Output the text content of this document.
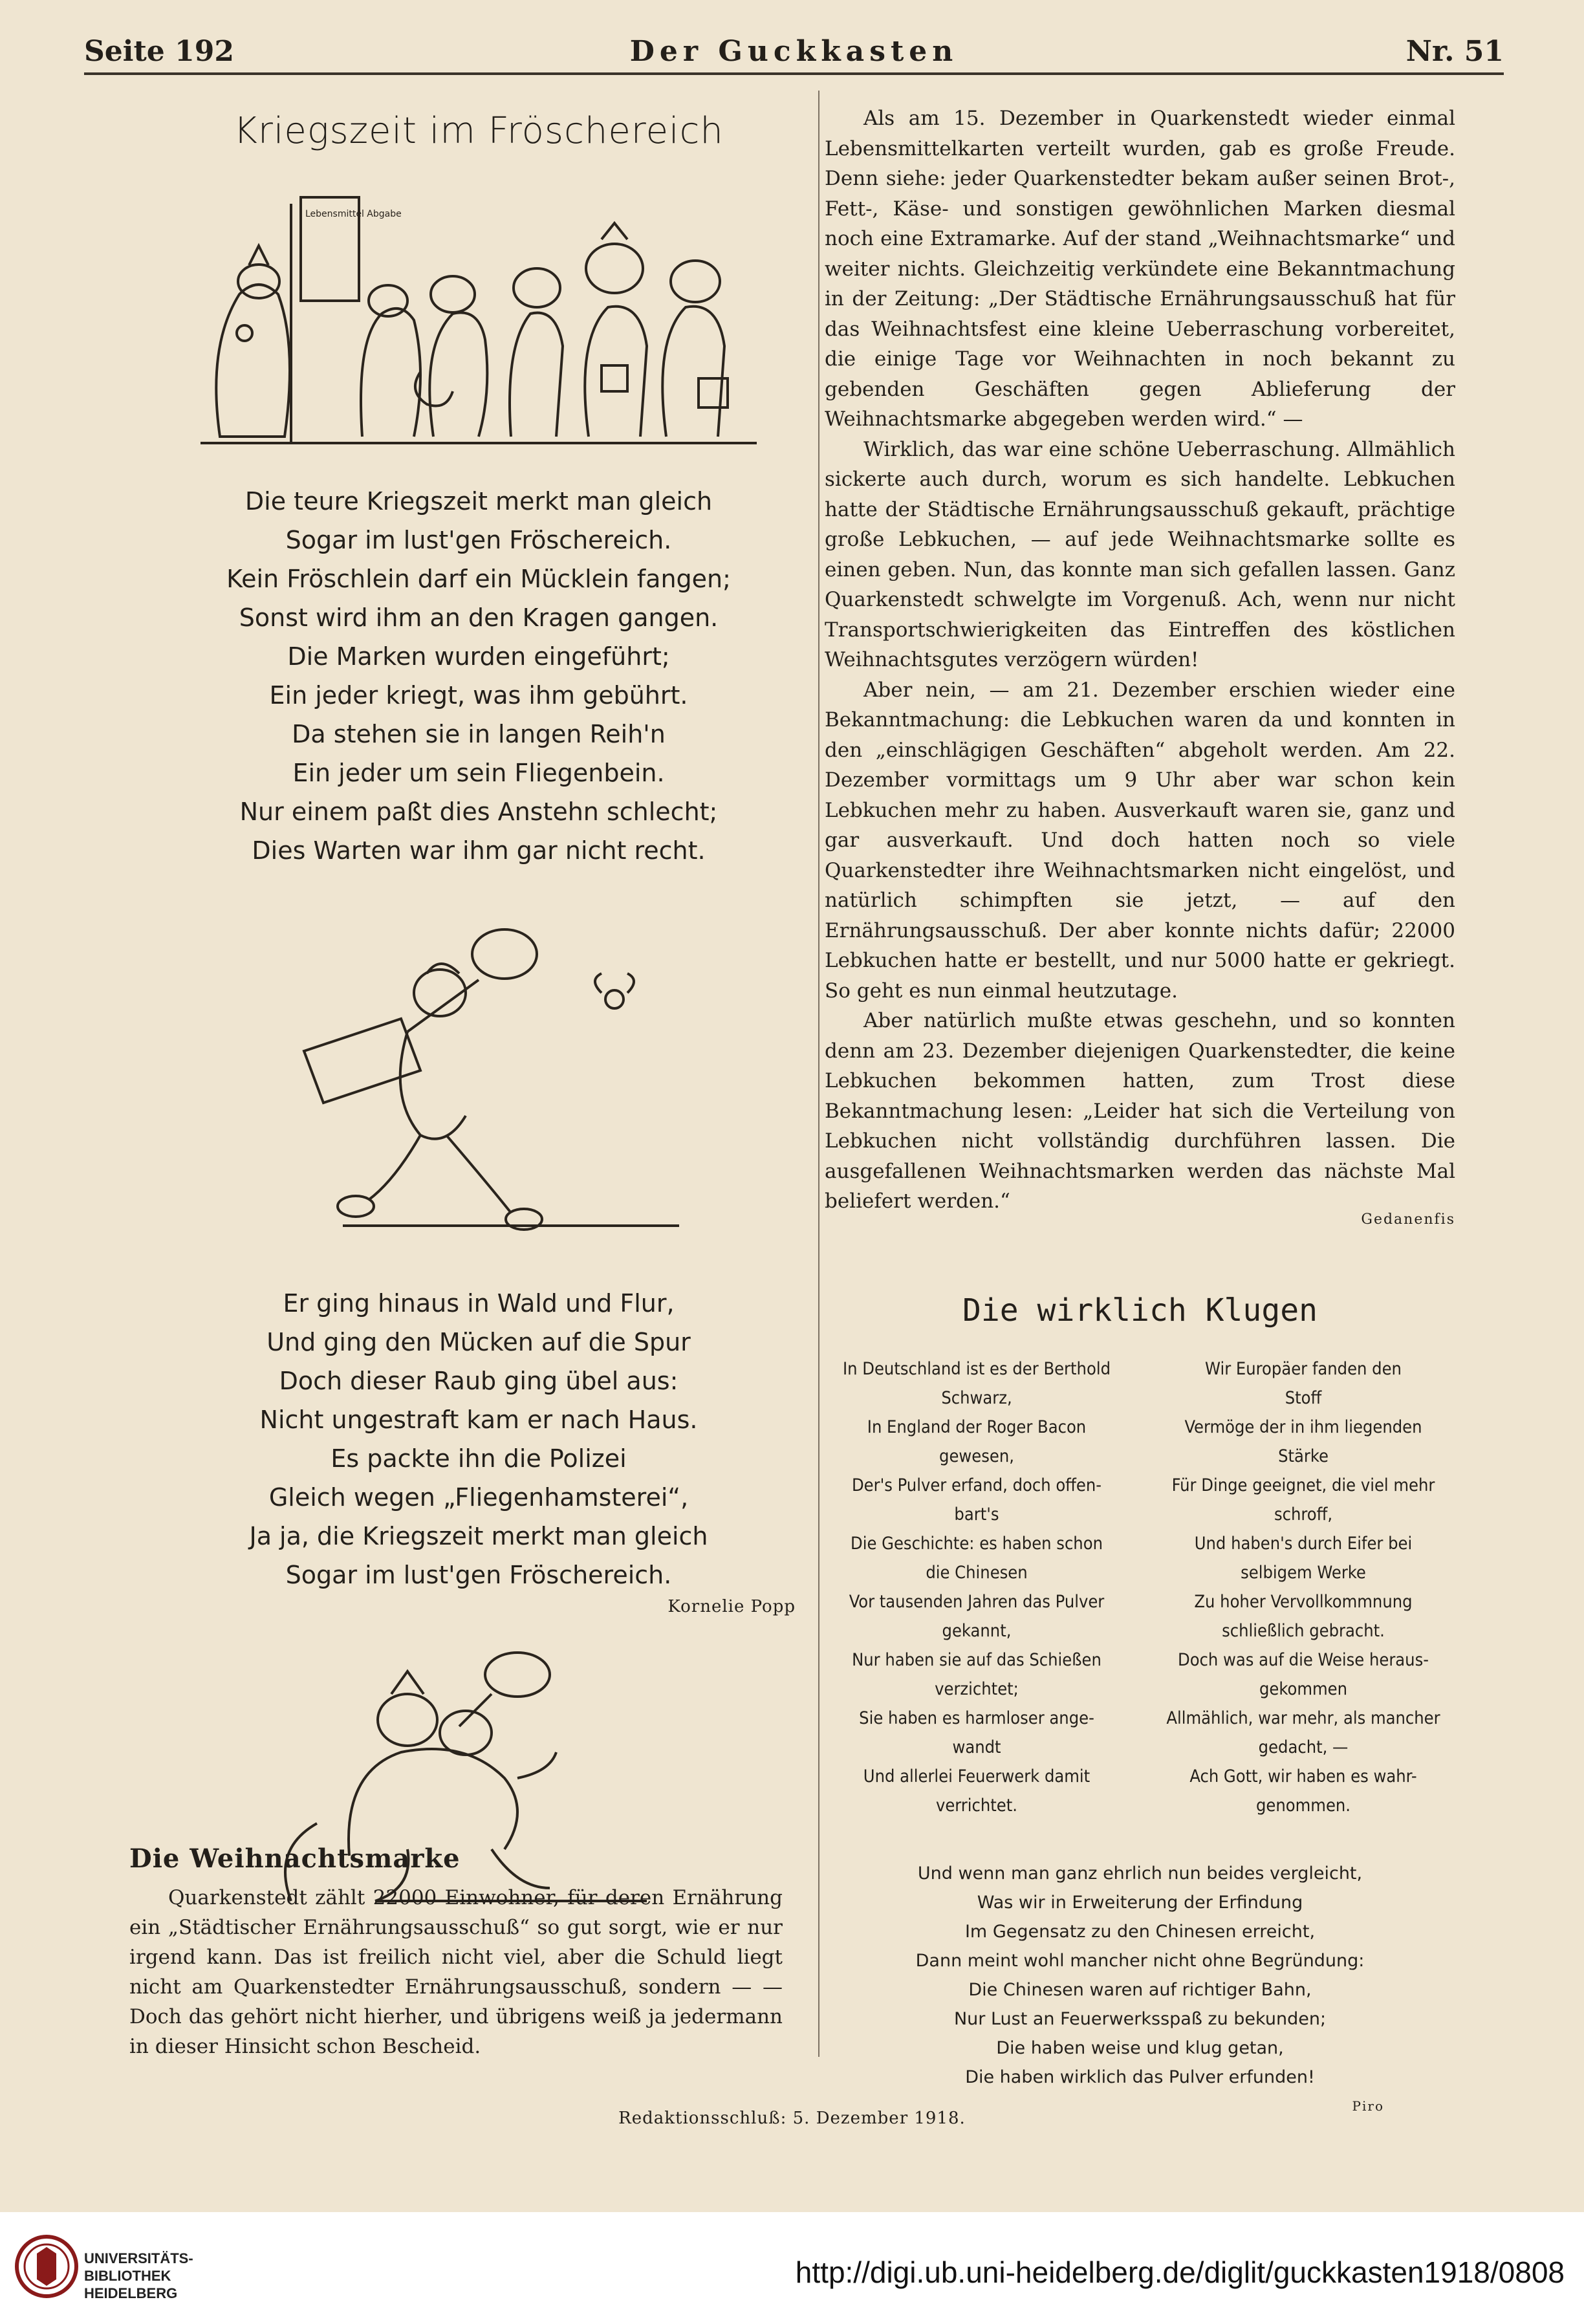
Seite 192	Der Guckkasten	Nr. 51
Kriegszeit im Fröschereich
Lebensmittel Abgabe
Die teure Kriegszeit merkt man gleich
Sogar im lust'gen Fröschereich.
Kein Fröschlein darf ein Mücklein fangen;
Sonst wird ihm an den Kragen gangen.
Die Marken wurden eingeführt;
Ein jeder kriegt, was ihm gebührt.
Da stehen sie in langen Reih'n
Ein jeder um sein Fliegenbein.
Nur einem paßt dies Anstehn schlecht;
Dies Warten war ihm gar nicht recht.
Er ging hinaus in Wald und Flur,
Und ging den Mücken auf die Spur
Doch dieser Raub ging übel aus:
Nicht ungestraft kam er nach Haus.
Es packte ihn die Polizei
Gleich wegen „Fliegenhamsterei“,
Ja ja, die Kriegszeit merkt man gleich
Sogar im lust'gen Fröschereich.
Kornelie Popp
Die Weihnachtsmarke
Quarkenstedt zählt 22000 Einwohner, für deren Ernährung ein „Städtischer Ernährungsausschuß“ so gut sorgt, wie er nur irgend kann. Das ist freilich nicht viel, aber die Schuld liegt nicht am Quarkenstedter Ernährungsausschuß, sondern — — Doch das gehört nicht hierher, und übrigens weiß ja jedermann in dieser Hinsicht schon Bescheid.

Als am 15. Dezember in Quarkenstedt wieder einmal Lebensmittelkarten verteilt wurden, gab es große Freude. Denn siehe: jeder Quarkenstedter bekam außer seinen Brot-, Fett-, Käse- und sonstigen gewöhnlichen Marken diesmal noch eine Extramarke. Auf der stand „Weihnachtsmarke“ und weiter nichts. Gleichzeitig verkündete eine Bekanntmachung in der Zeitung: „Der Städtische Ernährungsausschuß hat für das Weihnachtsfest eine kleine Ueberraschung vorbereitet, die einige Tage vor Weihnachten in noch bekannt zu gebenden Geschäften gegen Ablieferung der Weihnachtsmarke abgegeben werden wird.“ —

Wirklich, das war eine schöne Ueberraschung. Allmählich sickerte auch durch, worum es sich handelte. Lebkuchen hatte der Städtische Ernährungsausschuß gekauft, prächtige große Lebkuchen, — auf jede Weihnachtsmarke sollte es einen geben. Nun, das konnte man sich gefallen lassen. Ganz Quarkenstedt schwelgte im Vorgenuß. Ach, wenn nur nicht Transportschwierigkeiten das Eintreffen des köstlichen Weihnachtsgutes verzögern würden!

Aber nein, — am 21. Dezember erschien wieder eine Bekanntmachung: die Lebkuchen waren da und konnten in den „einschlägigen Geschäften“ abgeholt werden. Am 22. Dezember vormittags um 9 Uhr aber war schon kein Lebkuchen mehr zu haben. Ausverkauft waren sie, ganz und gar ausverkauft. Und doch hatten noch so viele Quarkenstedter ihre Weihnachtsmarken nicht eingelöst, und natürlich schimpften sie jetzt, — auf den Ernährungsausschuß. Der aber konnte nichts dafür; 22000 Lebkuchen hatte er bestellt, und nur 5000 hatte er gekriegt. So geht es nun einmal heutzutage.

Aber natürlich mußte etwas geschehn, und so konnten denn am 23. Dezember diejenigen Quarkenstedter, die keine Lebkuchen bekommen hatten, zum Trost diese Bekanntmachung lesen: „Leider hat sich die Verteilung von Lebkuchen nicht vollständig durchführen lassen. Die ausgefallenen Weihnachtsmarken werden das nächste Mal beliefert werden.“

Gedanenfis
Die wirklich Klugen
In Deutschland ist es der Berthold
Schwarz,
In England der Roger Bacon
gewesen,
Der's Pulver erfand, doch offen-
bart's
Die Geschichte: es haben schon
die Chinesen
Vor tausenden Jahren das Pulver
gekannt,
Nur haben sie auf das Schießen
verzichtet;
Sie haben es harmloser ange-
wandt
Und allerlei Feuerwerk damit
verrichtet.
Wir Europäer fanden den
Stoff
Vermöge der in ihm liegenden
Stärke
Für Dinge geeignet, die viel mehr
schroff,
Und haben's durch Eifer bei
selbigem Werke
Zu hoher Vervollkommnung
schließlich gebracht.
Doch was auf die Weise heraus-
gekommen
Allmählich, war mehr, als mancher
gedacht, —
Ach Gott, wir haben es wahr-
genommen.
Und wenn man ganz ehrlich nun beides vergleicht,
Was wir in Erweiterung der Erfindung
Im Gegensatz zu den Chinesen erreicht,
Dann meint wohl mancher nicht ohne Begründung:
Die Chinesen waren auf richtiger Bahn,
Nur Lust an Feuerwerksspaß zu bekunden;
Die haben weise und klug getan,
Die haben wirklich das Pulver erfunden!
Piro
Redaktionsschluß: 5. Dezember 1918.
UNIVERSITÄTS-
BIBLIOTHEK
HEIDELBERG
http://digi.ub.uni-heidelberg.de/diglit/guckkasten1918/0808
